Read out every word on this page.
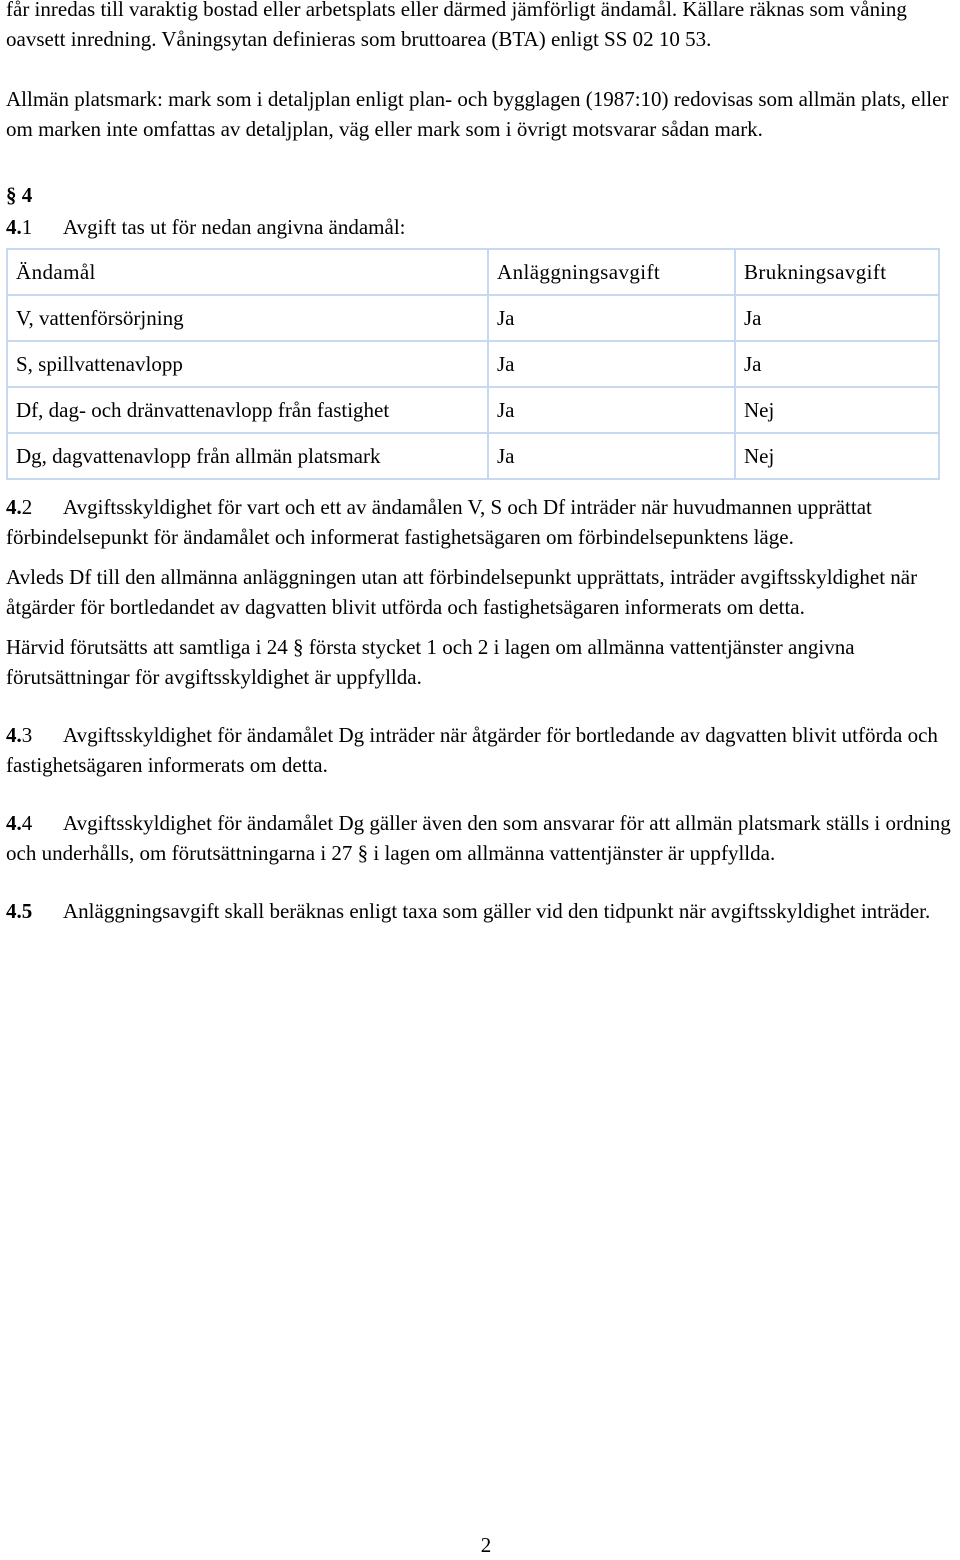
får inredas till varaktig bostad eller arbetsplats eller därmed jämförligt ändamål. Källare räknas som våning oavsett inredning. Våningsytan definieras som bruttoarea (BTA) enligt SS 02 10 53.

Allmän platsmark: mark som i detaljplan enligt plan- och bygglagen (1987:10) redovisas som allmän plats, eller om marken inte omfattas av detaljplan, väg eller mark som i övrigt motsvarar sådan mark.

§ 4

4.1 Avgift tas ut för nedan angivna ändamål:

Ändamål	Anläggningsavgift	Brukningsavgift
V, vattenförsörjning	Ja	Ja
S, spillvattenavlopp	Ja	Ja
Df, dag- och dränvattenavlopp från fastighet	Ja	Nej
Dg, dagvattenavlopp från allmän platsmark	Ja	Nej

4.2 Avgiftsskyldighet för vart och ett av ändamålen V, S och Df inträder när huvudmannen upprättat förbindelsepunkt för ändamålet och informerat fastighetsägaren om förbindelsepunktens läge.

Avleds Df till den allmänna anläggningen utan att förbindelsepunkt upprättats, inträder avgiftsskyldighet när åtgärder för bortledandet av dagvatten blivit utförda och fastighetsägaren informerats om detta.

Härvid förutsätts att samtliga i 24 § första stycket 1 och 2 i lagen om allmänna vattentjänster angivna förutsättningar för avgiftsskyldighet är uppfyllda.

4.3 Avgiftsskyldighet för ändamålet Dg inträder när åtgärder för bortledande av dagvatten blivit utförda och fastighetsägaren informerats om detta.

4.4 Avgiftsskyldighet för ändamålet Dg gäller även den som ansvarar för att allmän platsmark ställs i ordning och underhålls, om förutsättningarna i 27 § i lagen om allmänna vattentjänster är uppfyllda.

4.5 Anläggningsavgift skall beräknas enligt taxa som gäller vid den tidpunkt när avgiftsskyldighet inträder.

2
